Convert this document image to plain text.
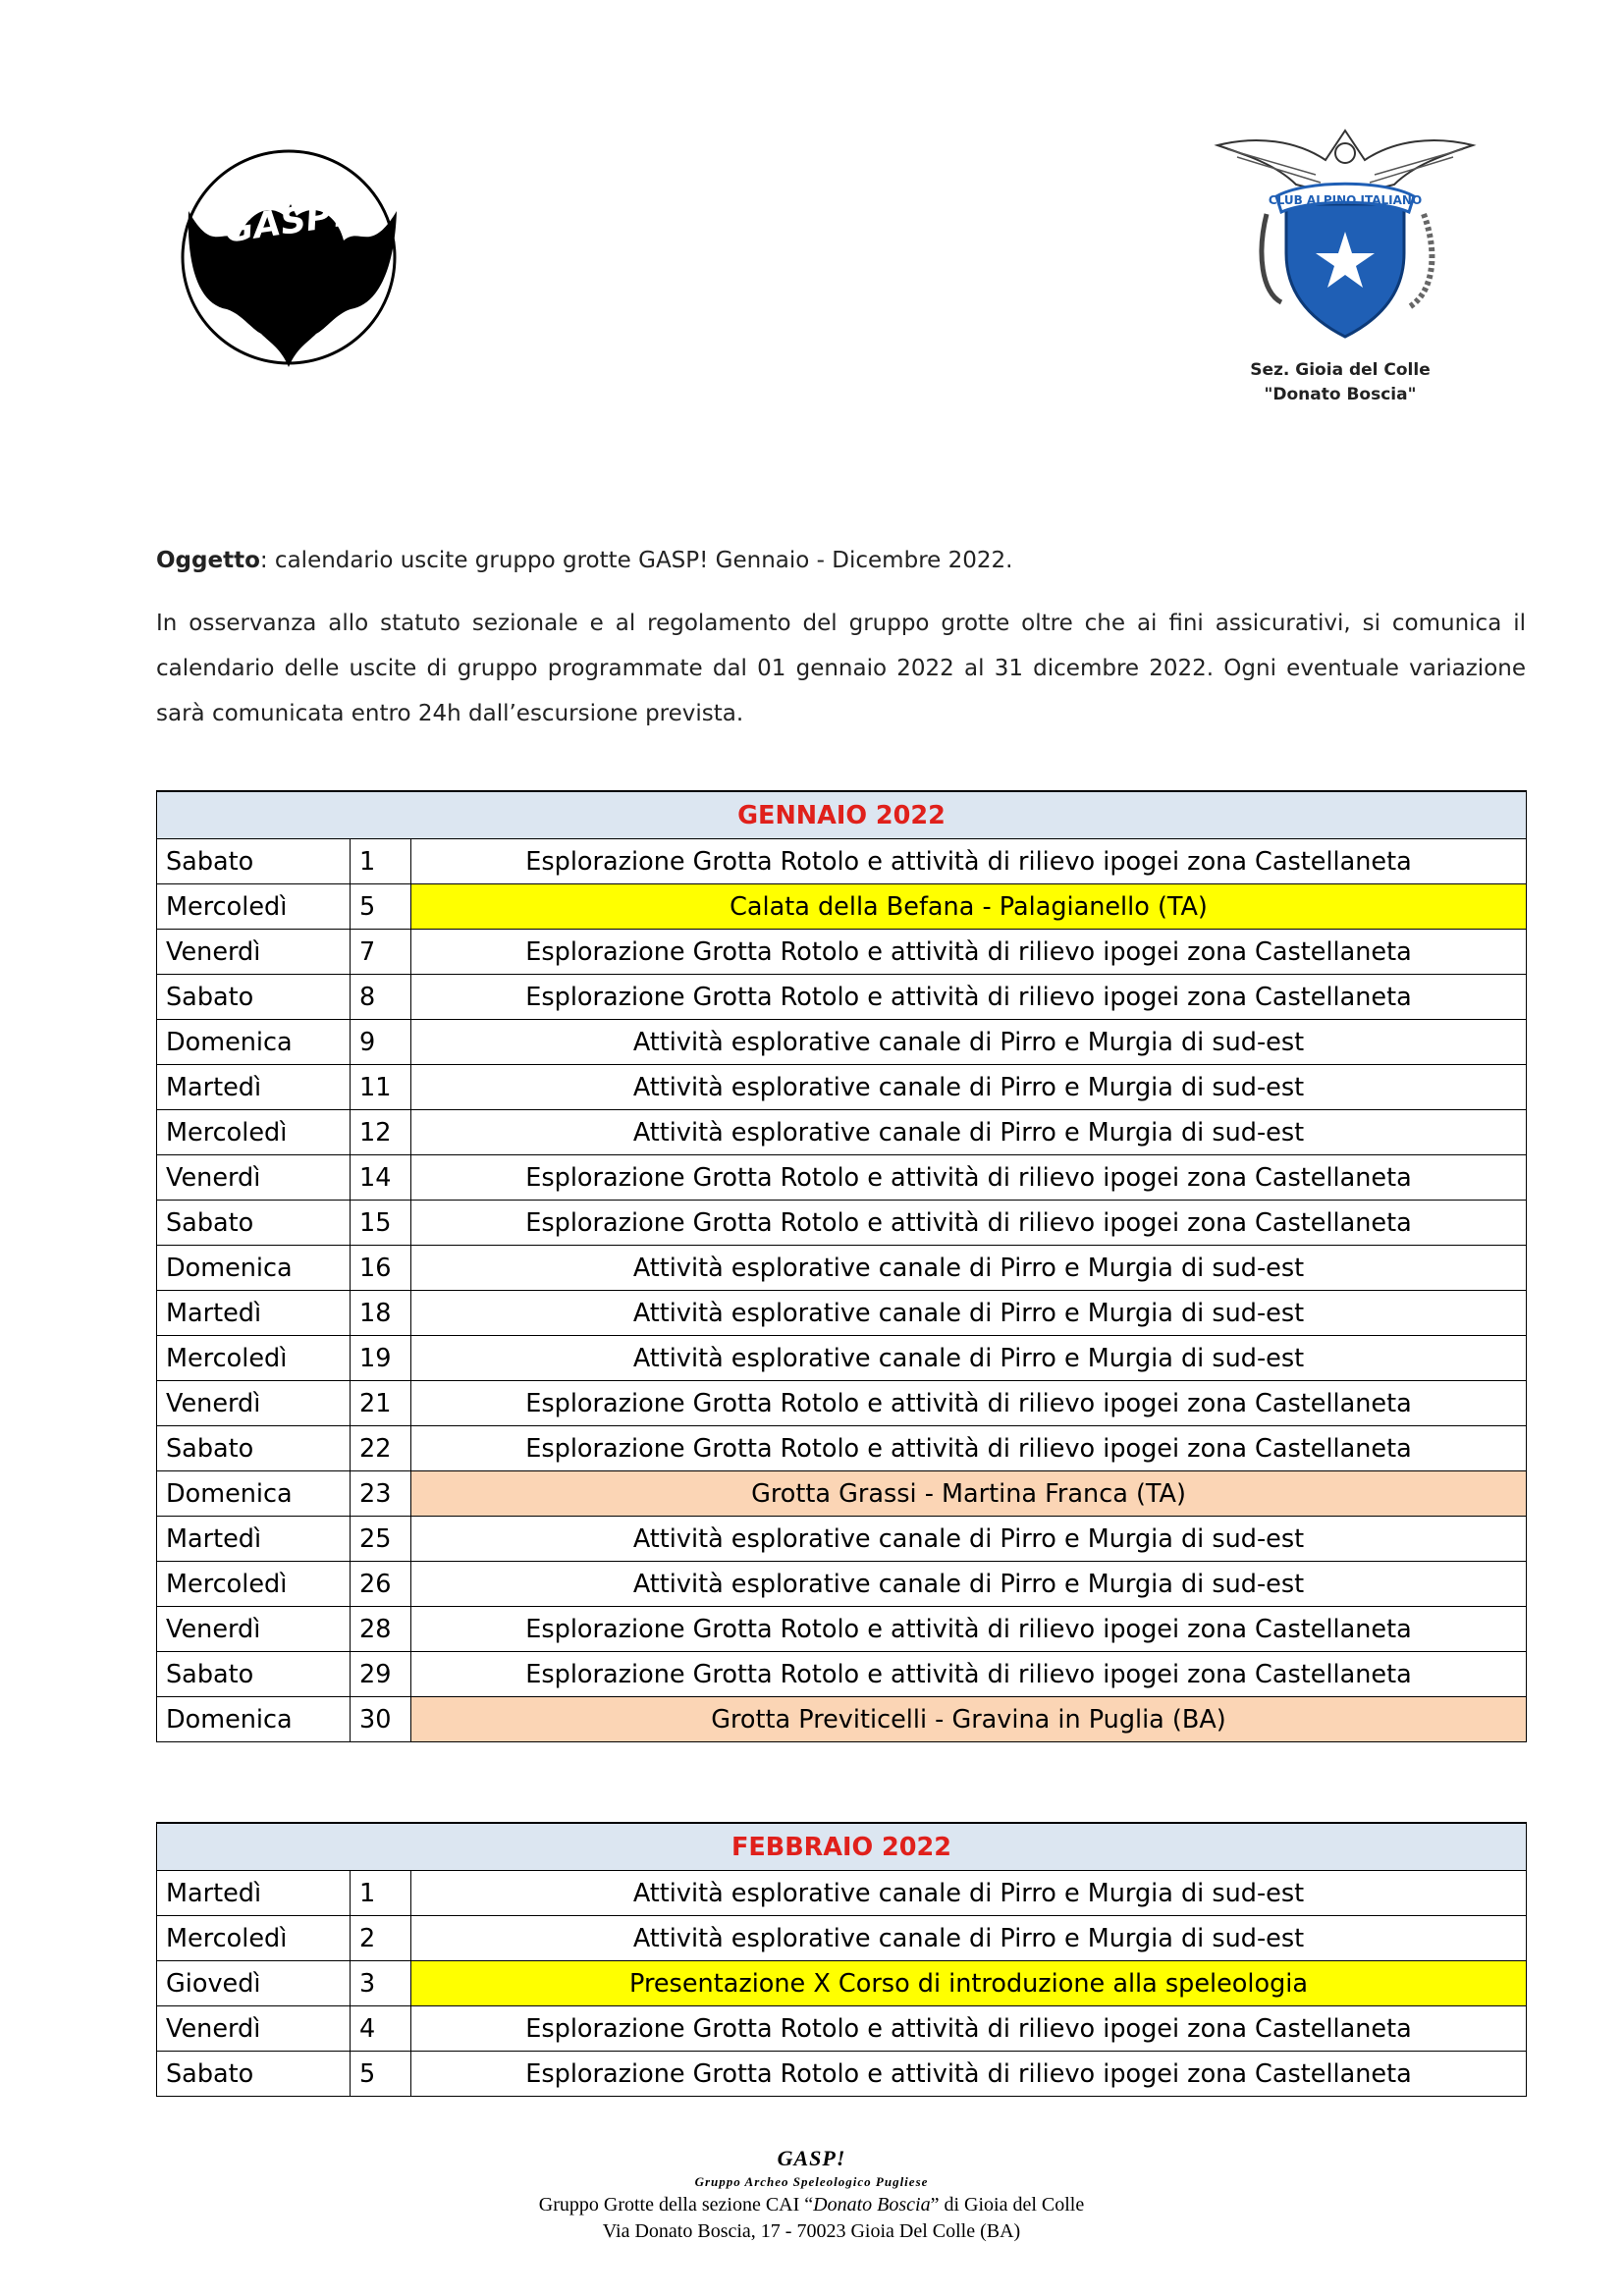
GASP!	CLUB ALPINO ITALIANO
Sez. Gioia del Colle
"Donato Boscia"
Oggetto: calendario uscite gruppo grotte GASP! Gennaio - Dicembre 2022.
In osservanza allo statuto sezionale e al regolamento del gruppo grotte oltre che ai fini assicurativi, si comunica il calendario delle uscite di gruppo programmate dal 01 gennaio 2022 al 31 dicembre 2022. Ogni eventuale variazione sarà comunicata entro 24h dall’escursione prevista.
GENNAIO 2022		
Sabato	1	Esplorazione Grotta Rotolo e attività di rilievo ipogei zona Castellaneta
Mercoledì	5	Calata della Befana - Palagianello (TA)
Venerdì	7	Esplorazione Grotta Rotolo e attività di rilievo ipogei zona Castellaneta
Sabato	8	Esplorazione Grotta Rotolo e attività di rilievo ipogei zona Castellaneta
Domenica	9	Attività esplorative canale di Pirro e Murgia di sud-est
Martedì	11	Attività esplorative canale di Pirro e Murgia di sud-est
Mercoledì	12	Attività esplorative canale di Pirro e Murgia di sud-est
Venerdì	14	Esplorazione Grotta Rotolo e attività di rilievo ipogei zona Castellaneta
Sabato	15	Esplorazione Grotta Rotolo e attività di rilievo ipogei zona Castellaneta
Domenica	16	Attività esplorative canale di Pirro e Murgia di sud-est
Martedì	18	Attività esplorative canale di Pirro e Murgia di sud-est
Mercoledì	19	Attività esplorative canale di Pirro e Murgia di sud-est
Venerdì	21	Esplorazione Grotta Rotolo e attività di rilievo ipogei zona Castellaneta
Sabato	22	Esplorazione Grotta Rotolo e attività di rilievo ipogei zona Castellaneta
Domenica	23	Grotta Grassi - Martina Franca (TA)
Martedì	25	Attività esplorative canale di Pirro e Murgia di sud-est
Mercoledì	26	Attività esplorative canale di Pirro e Murgia di sud-est
Venerdì	28	Esplorazione Grotta Rotolo e attività di rilievo ipogei zona Castellaneta
Sabato	29	Esplorazione Grotta Rotolo e attività di rilievo ipogei zona Castellaneta
Domenica	30	Grotta Previticelli - Gravina in Puglia (BA)
FEBBRAIO 2022		
Martedì	1	Attività esplorative canale di Pirro e Murgia di sud-est
Mercoledì	2	Attività esplorative canale di Pirro e Murgia di sud-est
Giovedì	3	Presentazione X Corso di introduzione alla speleologia
Venerdì	4	Esplorazione Grotta Rotolo e attività di rilievo ipogei zona Castellaneta
Sabato	5	Esplorazione Grotta Rotolo e attività di rilievo ipogei zona Castellaneta
GASP!
Gruppo Archeo Speleologico Pugliese
Gruppo Grotte della sezione CAI “Donato Boscia” di Gioia del Colle
Via Donato Boscia, 17 - 70023 Gioia Del Colle (BA)
